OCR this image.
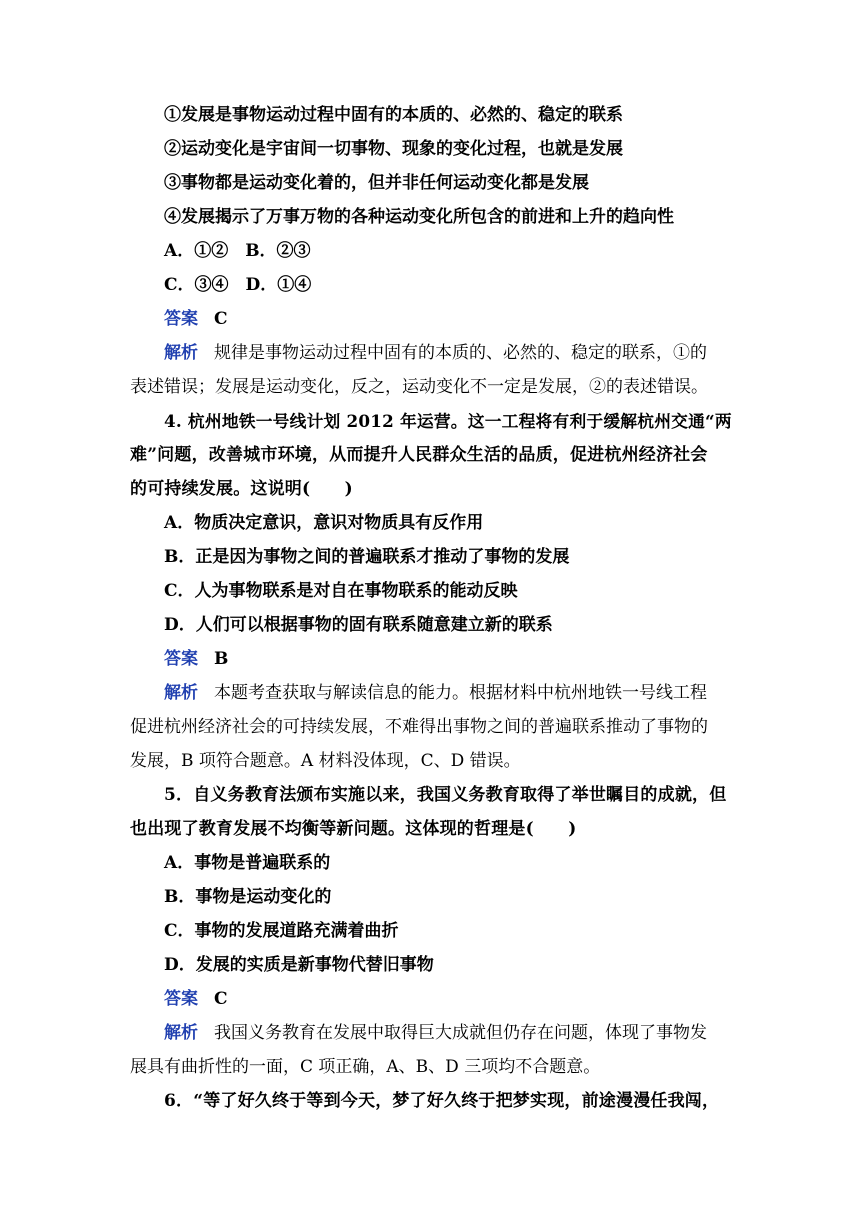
①发展是事物运动过程中固有的本质的、必然的、稳定的联系
②运动变化是宇宙间一切事物、现象的变化过程，也就是发展
③事物都是运动变化着的，但并非任何运动变化都是发展
④发展揭示了万事万物的各种运动变化所包含的前进和上升的趋向性
A．①②　B．②③
C．③④　D．①④
答案 C
解析 规律是事物运动过程中固有的本质的、必然的、稳定的联系，①的
表述错误；发展是运动变化，反之，运动变化不一定是发展，②的表述错误。
4. 杭州地铁一号线计划 2012 年运营。这一工程将有利于缓解杭州交通“两
难”问题，改善城市环境，从而提升人民群众生活的品质，促进杭州经济社会
的可持续发展。这说明(　　)
A．物质决定意识，意识对物质具有反作用
B．正是因为事物之间的普遍联系才推动了事物的发展
C．人为事物联系是对自在事物联系的能动反映
D．人们可以根据事物的固有联系随意建立新的联系
答案 B
解析 本题考查获取与解读信息的能力。根据材料中杭州地铁一号线工程
促进杭州经济社会的可持续发展，不难得出事物之间的普遍联系推动了事物的
发展，B 项符合题意。A 材料没体现，C、D 错误。
5．自义务教育法颁布实施以来，我国义务教育取得了举世瞩目的成就，但
也出现了教育发展不均衡等新问题。这体现的哲理是(　　)
A．事物是普遍联系的
B．事物是运动变化的
C．事物的发展道路充满着曲折
D．发展的实质是新事物代替旧事物
答案 C
解析 我国义务教育在发展中取得巨大成就但仍存在问题，体现了事物发
展具有曲折性的一面，C 项正确，A、B、D 三项均不合题意。
6．“等了好久终于等到今天，梦了好久终于把梦实现，前途漫漫任我闯，
